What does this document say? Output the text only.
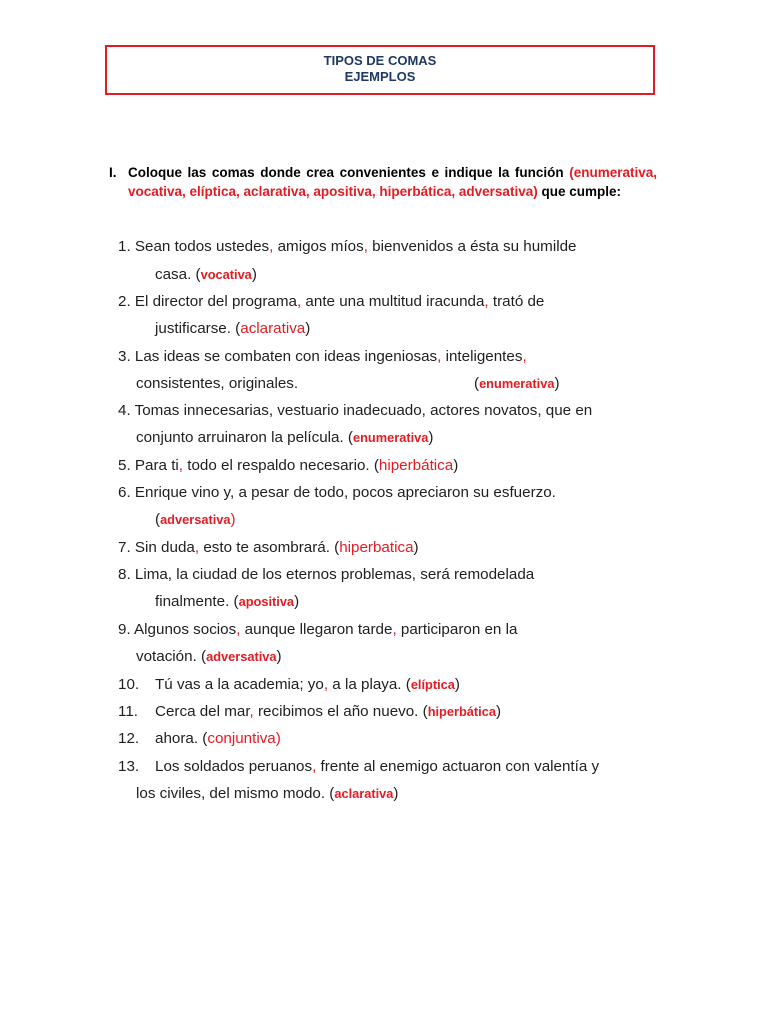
TIPOS DE COMAS
EJEMPLOS
I. Coloque las comas donde crea convenientes e indique la función (enumerativa, vocativa, elíptica, aclarativa, apositiva, hiperbática, adversativa) que cumple:
1. Sean todos ustedes, amigos míos, bienvenidos a ésta su humilde
casa. (vocativa)
2. El director del programa, ante una multitud iracunda, trató de
justificarse. (aclarativa)
3. Las ideas se combaten con ideas ingeniosas, inteligentes,
consistentes, originales.	(enumerativa)
4. Tomas innecesarias, vestuario inadecuado, actores novatos, que en
conjunto arruinaron la película. (enumerativa)
5. Para ti, todo el respaldo necesario. (hiperbática)
6. Enrique vino y, a pesar de todo, pocos apreciaron su esfuerzo.
(adversativa)
7. Sin duda, esto te asombrará. (hiperbatica)
8. Lima, la ciudad de los eternos problemas, será remodelada
finalmente. (apositiva)
9. Algunos socios, aunque llegaron tarde, participaron en la
votación. (adversativa)
10. Tú vas a la academia; yo, a la playa. (elíptica)
11. Cerca del mar, recibimos el año nuevo. (hiperbática)
12. ahora. (conjuntiva)
13. Los soldados peruanos, frente al enemigo actuaron con valentía y
los civiles, del mismo modo. (aclarativa)
